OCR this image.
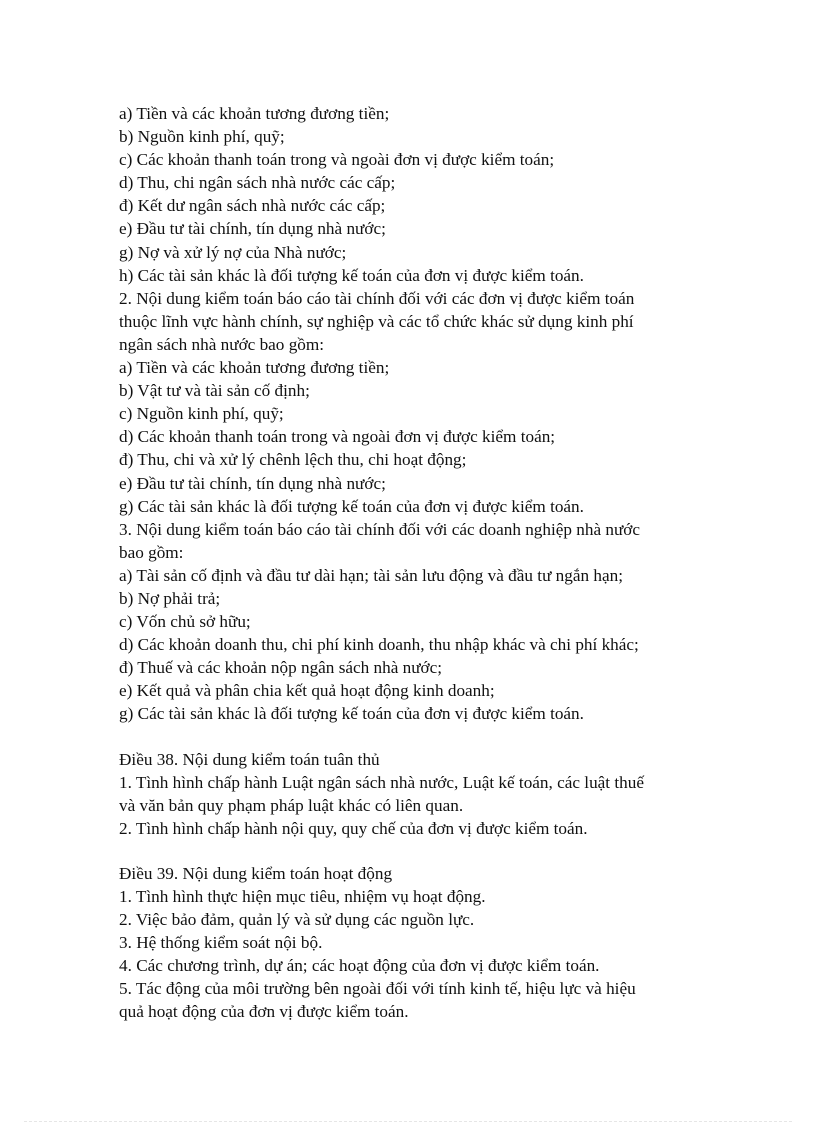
a) Tiền và các khoản tương đương tiền;
b) Nguồn kinh phí, quỹ;
c) Các khoản thanh toán trong và ngoài đơn vị được kiểm toán;
d) Thu, chi ngân sách nhà nước các cấp;
đ) Kết dư ngân sách nhà nước các cấp;
e) Đầu tư tài chính, tín dụng nhà nước;
g) Nợ và xử lý nợ của Nhà nước;
h) Các tài sản khác là đối tượng kế toán của đơn vị được kiểm toán.
2. Nội dung kiểm toán báo cáo tài chính đối với các đơn vị được kiểm toán
thuộc lĩnh vực hành chính, sự nghiệp và các tổ chức khác sử dụng kinh phí
ngân sách nhà nước bao gồm:
a) Tiền và các khoản tương đương tiền;
b) Vật tư và tài sản cố định;
c) Nguồn kinh phí, quỹ;
d) Các khoản thanh toán trong và ngoài đơn vị được kiểm toán;
đ) Thu, chi và xử lý chênh lệch thu, chi hoạt động;
e) Đầu tư tài chính, tín dụng nhà nước;
g) Các tài sản khác là đối tượng kế toán của đơn vị được kiểm toán.
3. Nội dung kiểm toán báo cáo tài chính đối với các doanh nghiệp nhà nước
bao gồm:
a) Tài sản cố định và đầu tư dài hạn; tài sản lưu động và đầu tư ngắn hạn;
b) Nợ phải trả;
c) Vốn chủ sở hữu;
d) Các khoản doanh thu, chi phí kinh doanh, thu nhập khác và chi phí khác;
đ) Thuế và các khoản nộp ngân sách nhà nước;
e) Kết quả và phân chia kết quả hoạt động kinh doanh;
g) Các tài sản khác là đối tượng kế toán của đơn vị được kiểm toán.
Điều 38. Nội dung kiểm toán tuân thủ
1. Tình hình chấp hành Luật ngân sách nhà nước, Luật kế toán, các luật thuế
và văn bản quy phạm pháp luật khác có liên quan.
2. Tình hình chấp hành nội quy, quy chế của đơn vị được kiểm toán.
Điều 39. Nội dung kiểm toán hoạt động
1. Tình hình thực hiện mục tiêu, nhiệm vụ hoạt động.
2. Việc bảo đảm, quản lý và sử dụng các nguồn lực.
3. Hệ thống kiểm soát nội bộ.
4. Các chương trình, dự án; các hoạt động của đơn vị được kiểm toán.
5. Tác động của môi trường bên ngoài đối với tính kinh tế, hiệu lực và hiệu
quả hoạt động của đơn vị được kiểm toán.
